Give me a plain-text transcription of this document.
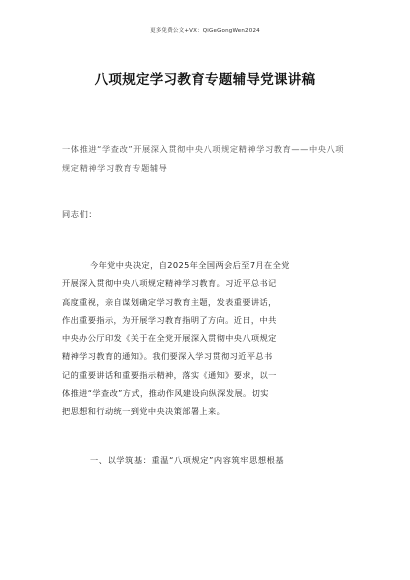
更多免费公文+VX：QiGeGongWen2024
八项规定学习教育专题辅导党课讲稿
一体推进“学查改”开展深入贯彻中央八项规定精神学习教育——中央八项规定精神学习教育专题辅导
同志们：
今年党中央决定，自2025年全国两会后至7月在全党
开展深入贯彻中央八项规定精神学习教育。习近平总书记
高度重视，亲自谋划确定学习教育主题，发表重要讲话，
作出重要指示，为开展学习教育指明了方向。近日，中共
中央办公厅印发《关于在全党开展深入贯彻中央八项规定
精神学习教育的通知》。我们要深入学习贯彻习近平总书
记的重要讲话和重要指示精神，落实《通知》要求，以一
体推进“学查改”方式，推动作风建设向纵深发展。切实
把思想和行动统一到党中央决策部署上来。
一、以学筑基：重温“八项规定”内容筑牢思想根基
